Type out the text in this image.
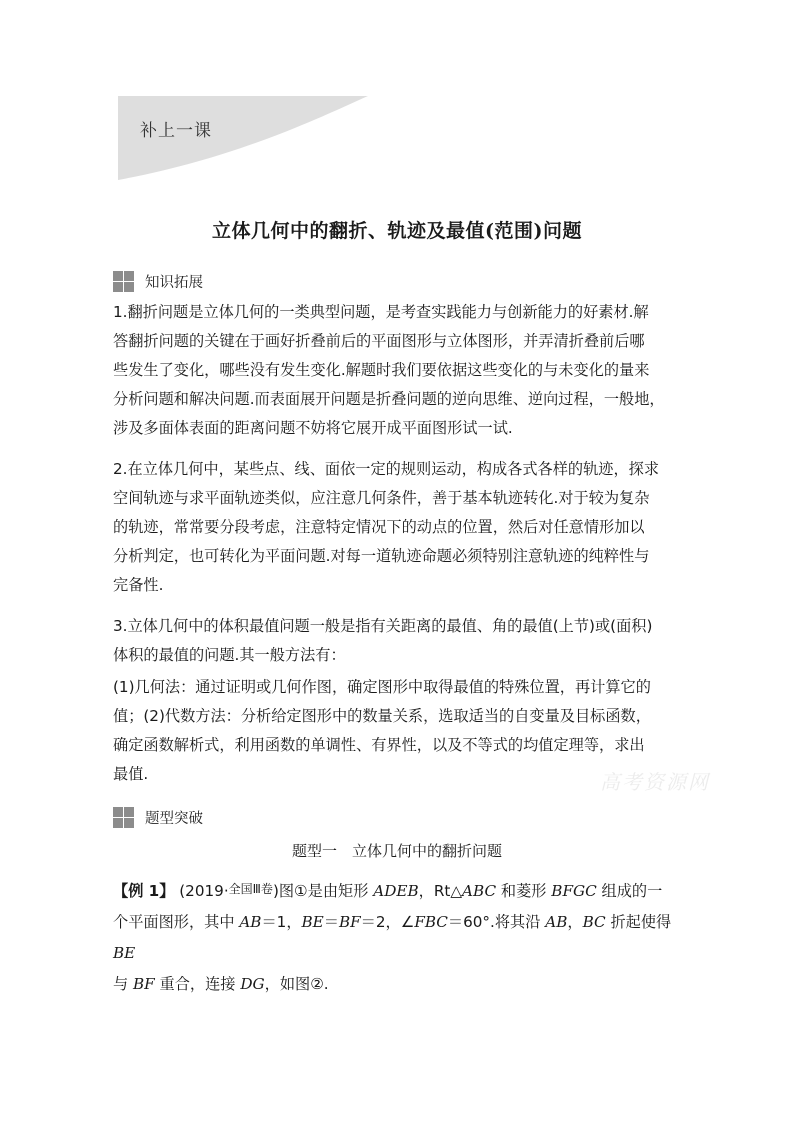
补上一课
立体几何中的翻折、轨迹及最值(范围)问题
知识拓展
1.翻折问题是立体几何的一类典型问题，是考查实践能力与创新能力的好素材.解
答翻折问题的关键在于画好折叠前后的平面图形与立体图形，并弄清折叠前后哪
些发生了变化，哪些没有发生变化.解题时我们要依据这些变化的与未变化的量来
分析问题和解决问题.而表面展开问题是折叠问题的逆向思维、逆向过程，一般地，
涉及多面体表面的距离问题不妨将它展开成平面图形试一试.
2.在立体几何中，某些点、线、面依一定的规则运动，构成各式各样的轨迹，探求
空间轨迹与求平面轨迹类似，应注意几何条件，善于基本轨迹转化.对于较为复杂
的轨迹，常常要分段考虑，注意特定情况下的动点的位置，然后对任意情形加以
分析判定，也可转化为平面问题.对每一道轨迹命题必须特别注意轨迹的纯粹性与
完备性.
3.立体几何中的体积最值问题一般是指有关距离的最值、角的最值(上节)或(面积)
体积的最值的问题.其一般方法有：
(1)几何法：通过证明或几何作图，确定图形中取得最值的特殊位置，再计算它的
值；(2)代数方法：分析给定图形中的数量关系，选取适当的自变量及目标函数，
确定函数解析式，利用函数的单调性、有界性，以及不等式的均值定理等，求出
最值.	高考资源网
题型突破
题型一　立体几何中的翻折问题
【例 1】 (2019·全国Ⅲ卷)图①是由矩形 ADEB，Rt△ABC 和菱形 BFGC 组成的一
个平面图形，其中 AB＝1，BE＝BF＝2，∠FBC＝60°.将其沿 AB，BC 折起使得 BE
与 BF 重合，连接 DG，如图②.
